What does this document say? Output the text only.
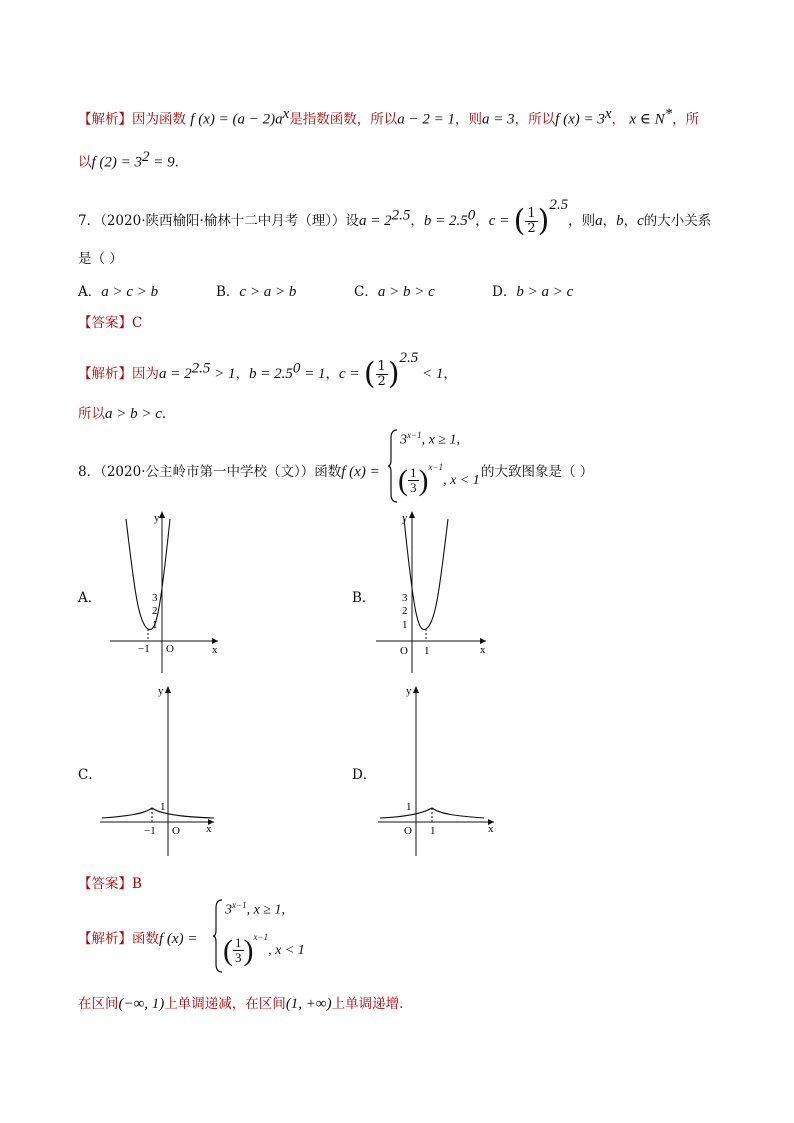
【解析】因为函数 f $(x) = (a - 2)a^x$是指数函数，所以a − 2 = 1，则a = 3，所以f $(x) = 3^x$， x ∈ N*，所
以f $(2) = 3^2 = 9$.
7．（2020·陕西榆阳·榆林十二中月考（理））设$a = 2^{2.5}$，$b = 2.5^0$，c = ( $\frac{1}{2} )^{2.5}$，则a，b，c的大小关系
是（ ）
A．a > c > b	B．c > a > b	C．a > b > c	D．b > a > c
【答案】C
【解析】因为$a = 2^{2.5} > 1$，$b = 2.5^0 = 1$，c = ( $\frac{1}{2} )^{2.5} < 1$，
所以a > b > c.
8．（2020·公主岭市第一中学校（文））函数f (x) =
$3^{x-1}$, x ≥ 1,
( $\frac{1}{3} )^{x-1}$, x < 1
的大致图象是（ ）
A．	B．
C．	D．
y
x
O
−1
3
2
1
y
x
O 1
3
2
1
y
x
O
−1
1
y
x
O 1
1
【答案】B
【解析】函数f (x) =
$3^{x-1}$, x ≥ 1,
( $\frac{1}{3} )^{x-1}$, x < 1
在区间(−∞, 1)上单调递减，在区间(1, +∞)上单调递增.
